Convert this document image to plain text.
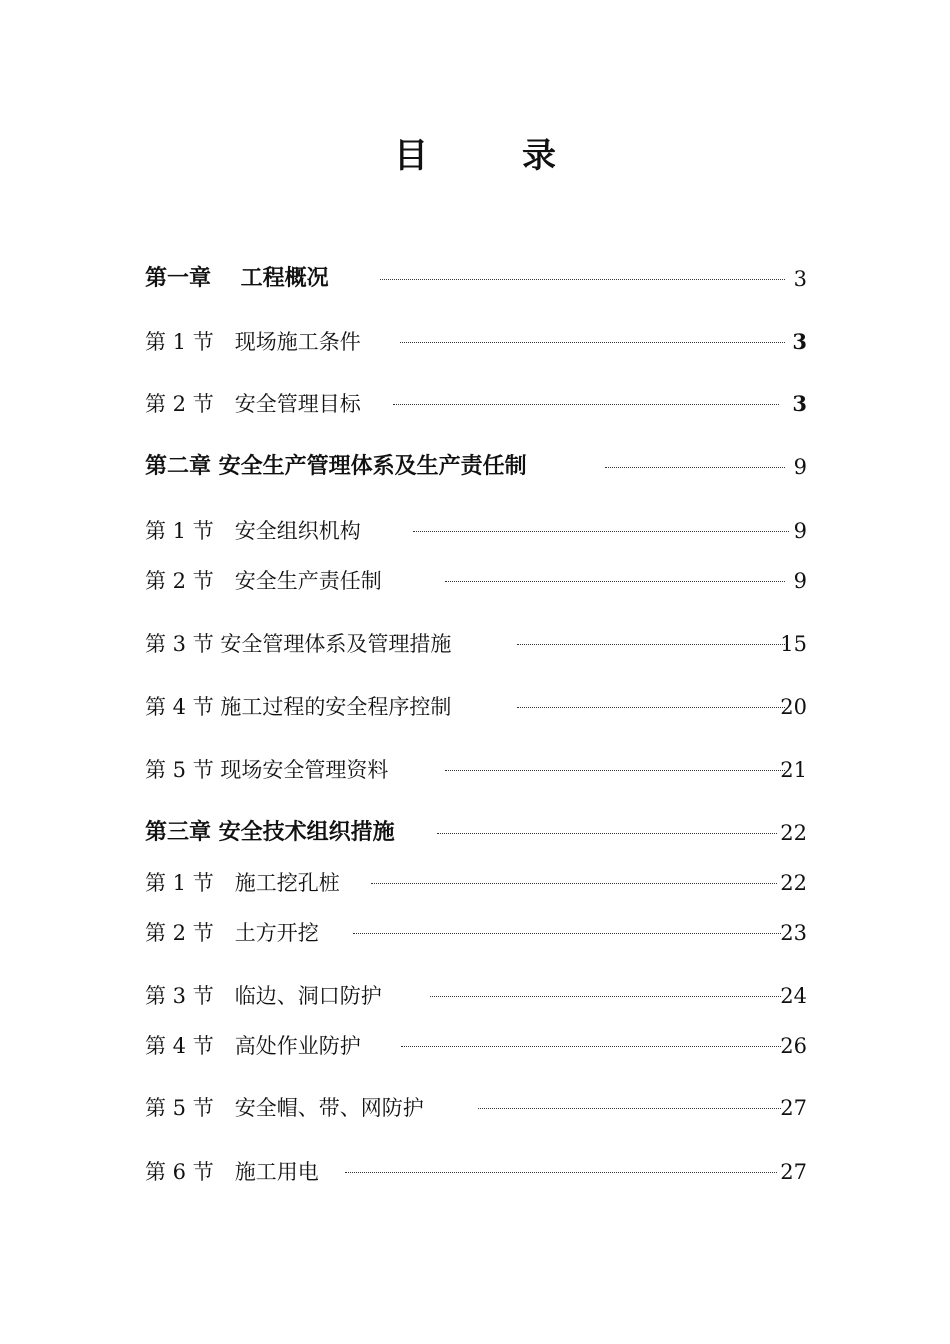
目　录
第一章　 工程概况	3
第 1 节　现场施工条件	3
第 2 节　安全管理目标	3
第二章 安全生产管理体系及生产责任制	9
第 1 节　安全组织机构	9
第 2 节　安全生产责任制	9
第 3 节 安全管理体系及管理措施	15
第 4 节 施工过程的安全程序控制	20
第 5 节 现场安全管理资料	21
第三章 安全技术组织措施	22
第 1 节　施工挖孔桩	22
第 2 节　土方开挖	23
第 3 节　临边、洞口防护	24
第 4 节　高处作业防护	26
第 5 节　安全帽、带、网防护	27
第 6 节　施工用电	27
